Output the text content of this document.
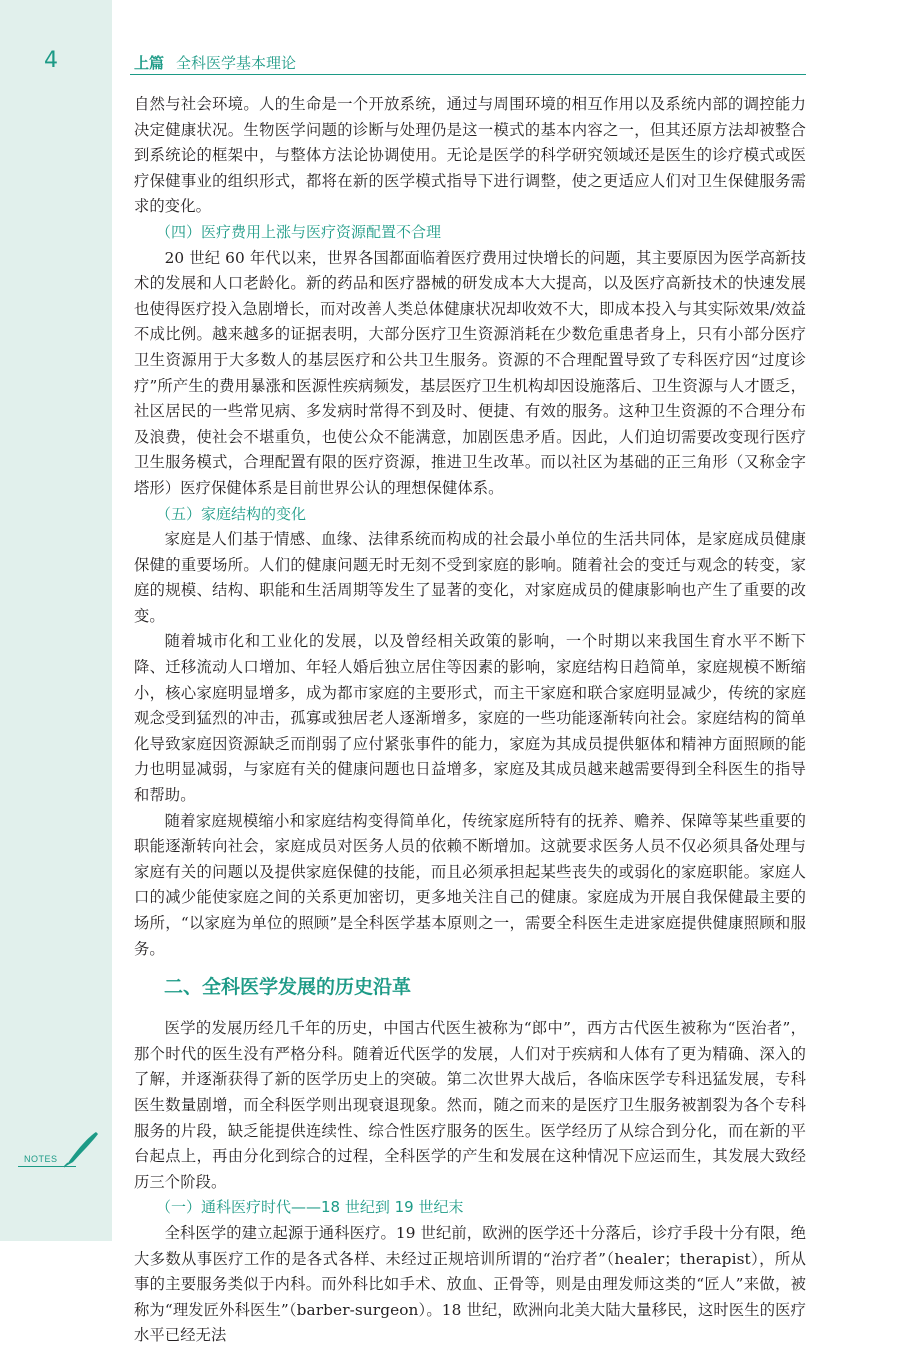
4	上篇 全科医学基本理论

自然与社会环境。人的生命是一个开放系统，通过与周围环境的相互作用以及系统内部的调控能力决定健康状况。生物医学问题的诊断与处理仍是这一模式的基本内容之一，但其还原方法却被整合到系统论的框架中，与整体方法论协调使用。无论是医学的科学研究领域还是医生的诊疗模式或医疗保健事业的组织形式，都将在新的医学模式指导下进行调整，使之更适应人们对卫生保健服务需求的变化。

（四）医疗费用上涨与医疗资源配置不合理

20 世纪 60 年代以来，世界各国都面临着医疗费用过快增长的问题，其主要原因为医学高新技术的发展和人口老龄化。新的药品和医疗器械的研发成本大大提高，以及医疗高新技术的快速发展也使得医疗投入急剧增长，而对改善人类总体健康状况却收效不大，即成本投入与其实际效果/效益不成比例。越来越多的证据表明，大部分医疗卫生资源消耗在少数危重患者身上，只有小部分医疗卫生资源用于大多数人的基层医疗和公共卫生服务。资源的不合理配置导致了专科医疗因“过度诊疗”所产生的费用暴涨和医源性疾病频发，基层医疗卫生机构却因设施落后、卫生资源与人才匮乏，社区居民的一些常见病、多发病时常得不到及时、便捷、有效的服务。这种卫生资源的不合理分布及浪费，使社会不堪重负，也使公众不能满意，加剧医患矛盾。因此，人们迫切需要改变现行医疗卫生服务模式，合理配置有限的医疗资源，推进卫生改革。而以社区为基础的正三角形（又称金字塔形）医疗保健体系是目前世界公认的理想保健体系。

（五）家庭结构的变化

家庭是人们基于情感、血缘、法律系统而构成的社会最小单位的生活共同体，是家庭成员健康保健的重要场所。人们的健康问题无时无刻不受到家庭的影响。随着社会的变迁与观念的转变，家庭的规模、结构、职能和生活周期等发生了显著的变化，对家庭成员的健康影响也产生了重要的改变。

随着城市化和工业化的发展，以及曾经相关政策的影响，一个时期以来我国生育水平不断下降、迁移流动人口增加、年轻人婚后独立居住等因素的影响，家庭结构日趋简单，家庭规模不断缩小，核心家庭明显增多，成为都市家庭的主要形式，而主干家庭和联合家庭明显减少，传统的家庭观念受到猛烈的冲击，孤寡或独居老人逐渐增多，家庭的一些功能逐渐转向社会。家庭结构的简单化导致家庭因资源缺乏而削弱了应付紧张事件的能力，家庭为其成员提供躯体和精神方面照顾的能力也明显减弱，与家庭有关的健康问题也日益增多，家庭及其成员越来越需要得到全科医生的指导和帮助。

随着家庭规模缩小和家庭结构变得简单化，传统家庭所特有的抚养、赡养、保障等某些重要的职能逐渐转向社会，家庭成员对医务人员的依赖不断增加。这就要求医务人员不仅必须具备处理与家庭有关的问题以及提供家庭保健的技能，而且必须承担起某些丧失的或弱化的家庭职能。家庭人口的减少能使家庭之间的关系更加密切，更多地关注自己的健康。家庭成为开展自我保健最主要的场所，“以家庭为单位的照顾”是全科医学基本原则之一，需要全科医生走进家庭提供健康照顾和服务。

二、全科医学发展的历史沿革

医学的发展历经几千年的历史，中国古代医生被称为“郎中”，西方古代医生被称为“医治者”，那个时代的医生没有严格分科。随着近代医学的发展，人们对于疾病和人体有了更为精确、深入的了解，并逐渐获得了新的医学历史上的突破。第二次世界大战后，各临床医学专科迅猛发展，专科医生数量剧增，而全科医学则出现衰退现象。然而，随之而来的是医疗卫生服务被割裂为各个专科服务的片段，缺乏能提供连续性、综合性医疗服务的医生。医学经历了从综合到分化，而在新的平台起点上，再由分化到综合的过程，全科医学的产生和发展在这种情况下应运而生，其发展大致经历三个阶段。

（一）通科医疗时代——18 世纪到 19 世纪末

全科医学的建立起源于通科医疗。19 世纪前，欧洲的医学还十分落后，诊疗手段十分有限，绝大多数从事医疗工作的是各式各样、未经过正规培训所谓的“治疗者”（healer；therapist），所从事的主要服务类似于内科。而外科比如手术、放血、正骨等，则是由理发师这类的“匠人”来做，被称为“理发匠外科医生”（barber-surgeon）。18 世纪，欧洲向北美大陆大量移民，这时医生的医疗水平已经无法

NOTES
